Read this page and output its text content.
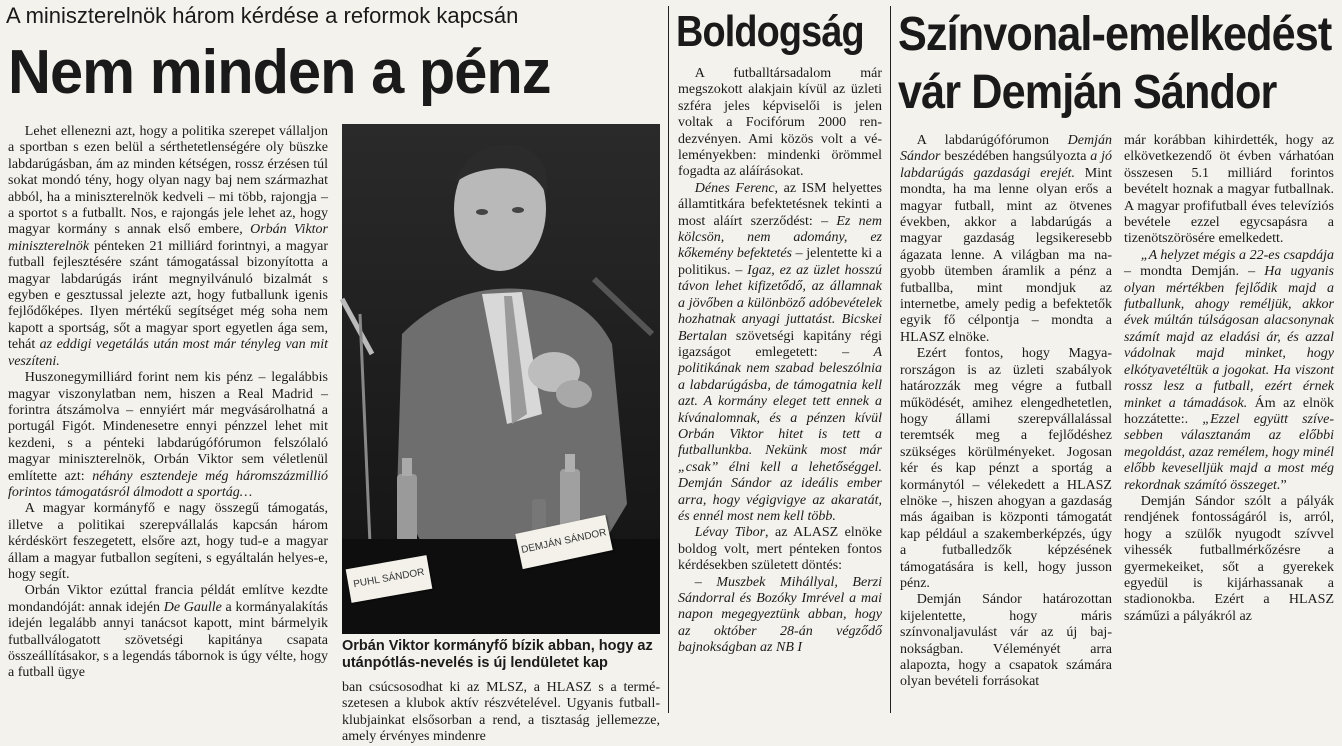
A miniszterelnök három kérdése a reformok kapcsán
Nem minden a pénz

Lehet ellenezni azt, hogy a politika szerepet vállaljon a sportban s ezen belül a sérthetetlenségére oly büszke labdarúgásban, ám az minden kétségen, rossz érzésen túl sokat mondó tény, hogy olyan nagy baj nem származhat abból, ha a miniszterelnök kedveli – mi több, rajongja – a sportot s a futballt. Nos, e rajongás jele lehet az, hogy magyar kormány s annak első embere, Orbán Viktor miniszterelnök pénteken 21 milliárd forintnyi, a magyar futball fejlesztésére szánt támogatással bizonyította a magyar labdarúgás iránt megnyilvánuló bizalmát s egyben e gesztussal jelezte azt, hogy futballunk igenis fejlődőképes. Ilyen mértékű segítséget még soha nem kapott a sportság, sőt a magyar sport egyetlen ága sem, tehát az eddigi vegetálás után most már tényleg van mit veszíteni.

Huszonegymilliárd forint nem kis pénz – legalábbis magyar viszonylatban nem, hiszen a Real Madrid – forintra átszámolva – ennyiért már megvásárolhatná a portugál Figót. Mindenesetre ennyi pénzzel lehet mit kezdeni, s a pénteki labdarúgófórumon felszólaló magyar miniszterelnök, Orbán Viktor sem véletlenül említette azt: néhány esztendeje még háromszázmillió forintos támogatásról álmodott a sportág…

A magyar kormányfő e nagy összegű támogatás, illetve a politikai szerepvállalás kapcsán három kérdéskört feszegetett, elsőre azt, hogy tud-e a magyar állam a magyar futballon segíteni, s egyáltalán helyes-e, hogy segít.

Orbán Viktor ezúttal francia példát említve kezdte mondandóját: annak idején De Gaulle a kormányalakítás idején legalább annyi tanácsot kapott, mint bármelyik futballválogatott szövetségi kapitánya csapata összeállításakor, s a legendás tábornok is úgy vélte, hogy a futball ügye

PUHL SÁNDOR
DEMJÁN SÁNDOR
Orbán Viktor kormányfő bízik abban, hogy az utánpótlás-nevelés is új lendületet kap
ban csúcsosodhat ki az MLSZ, a HLASZ s a természetesen a klubok aktív részvételével. Ugyanis futball-klubjainkat elsősorban a rend, a tisztaság jellemezze, amely érvényes mindenre
Boldogság

A futballtársadalom már megszokott alakjain kívül az üzleti szféra jeles képviselői is jelen voltak a Focifórum 2000 rendezvényen. Ami közös volt a véleményekben: mindenki örömmel fogadta az aláírásokat.

Dénes Ferenc, az ISM helyettes államtitkára befektetésnek tekinti a most aláírt szerződést: – Ez nem kölcsön, nem adomány, ez kőkemény befektetés – jelentette ki a politikus. – Igaz, ez az üzlet hosszú távon lehet kifizetődő, az államnak a jövőben a különböző adóbevételek hozhatnak anyagi juttatást. Bicskei Bertalan szövetségi kapitány régi igazságot emlegetett: – A politikának nem szabad beleszólnia a labdarúgásba, de támogatnia kell azt. A kormány eleget tett ennek a kívánalomnak, és a pénzen kívül Orbán Viktor hitet is tett a futballunkba. Nekünk most már „csak” élni kell a lehetőséggel. Demján Sándor az ideális ember arra, hogy végigvigye az akaratát, és ennél most nem kell több.

Lévay Tibor, az ALASZ elnöke boldog volt, mert pénteken fontos kérdésekben született döntés:

– Muszbek Mihállyal, Berzi Sándorral és Bozóky Imrével a mai napon megegyeztünk abban, hogy az október 28-án végződő bajnokságban az NB I

Színvonal-emelkedést
vár Demján Sándor

A labdarúgófórumon Demján Sándor beszédében hangsúlyozta a jó labdarúgás gazdasági erejét. Mint mondta, ha ma lenne olyan erős a magyar futball, mint az ötvenes években, akkor a labdarúgás a magyar gazdaság legsikeresebb ágazata lenne. A világban ma nagyobb ütemben áramlik a pénz a futballba, mint mondjuk az internetbe, amely pedig a befektetők egyik fő célpontja – mondta a HLASZ elnöke.

Ezért fontos, hogy Magyarországon is az üzleti szabályok határozzák meg végre a futball működését, amihez elengedhetetlen, hogy állami szerepvállalással teremtsék meg a fejlődéshez szükséges körülményeket. Jogosan kér és kap pénzt a sportág a kormánytól – vélekedett a HLASZ elnöke –, hiszen ahogyan a gazdaság más ágaiban is központi támogatát kap például a szakemberképzés, úgy a futballedzők képzésének támogatására is kell, hogy jusson pénz.

Demján Sándor határozottan kijelentette, hogy máris színvonaljavulást vár az új bajnokságban. Véleményét arra alapozta, hogy a csapatok számára olyan bevételi forrásokat

már korábban kihirdették, hogy az elkövetkezendő öt évben várhatóan összesen 5.1 milliárd forintos bevételt hoznak a magyar futballnak. A magyar profifutball éves televíziós bevétele ezzel egycsapásra a tizenötszörösére emelkedett.

„A helyzet mégis a 22-es csapdája – mondta Demján. – Ha ugyanis olyan mértékben fejlődik majd a futballunk, ahogy reméljük, akkor évek múltán túlságosan alacsonynak számít majd az eladási ár, és azzal vádolnak majd minket, hogy elkótyavetéltük a jogokat. Ha viszont rossz lesz a futball, ezért érnek minket a támadások. Ám az elnök hozzátette:. „Ezzel együtt szívesebben választanám az előbbi megoldást, azaz remélem, hogy minél előbb keveselljük majd a most még rekordnak számító összeget.”

Demján Sándor szólt a pályák rendjének fontosságáról is, arról, hogy a szülők nyugodt szívvel vihessék futballmérkőzésre a gyermekeiket, sőt a gyerekek egyedül is kijárhassanak a stadionokba. Ezért a HLASZ száműzi a pályákról az
